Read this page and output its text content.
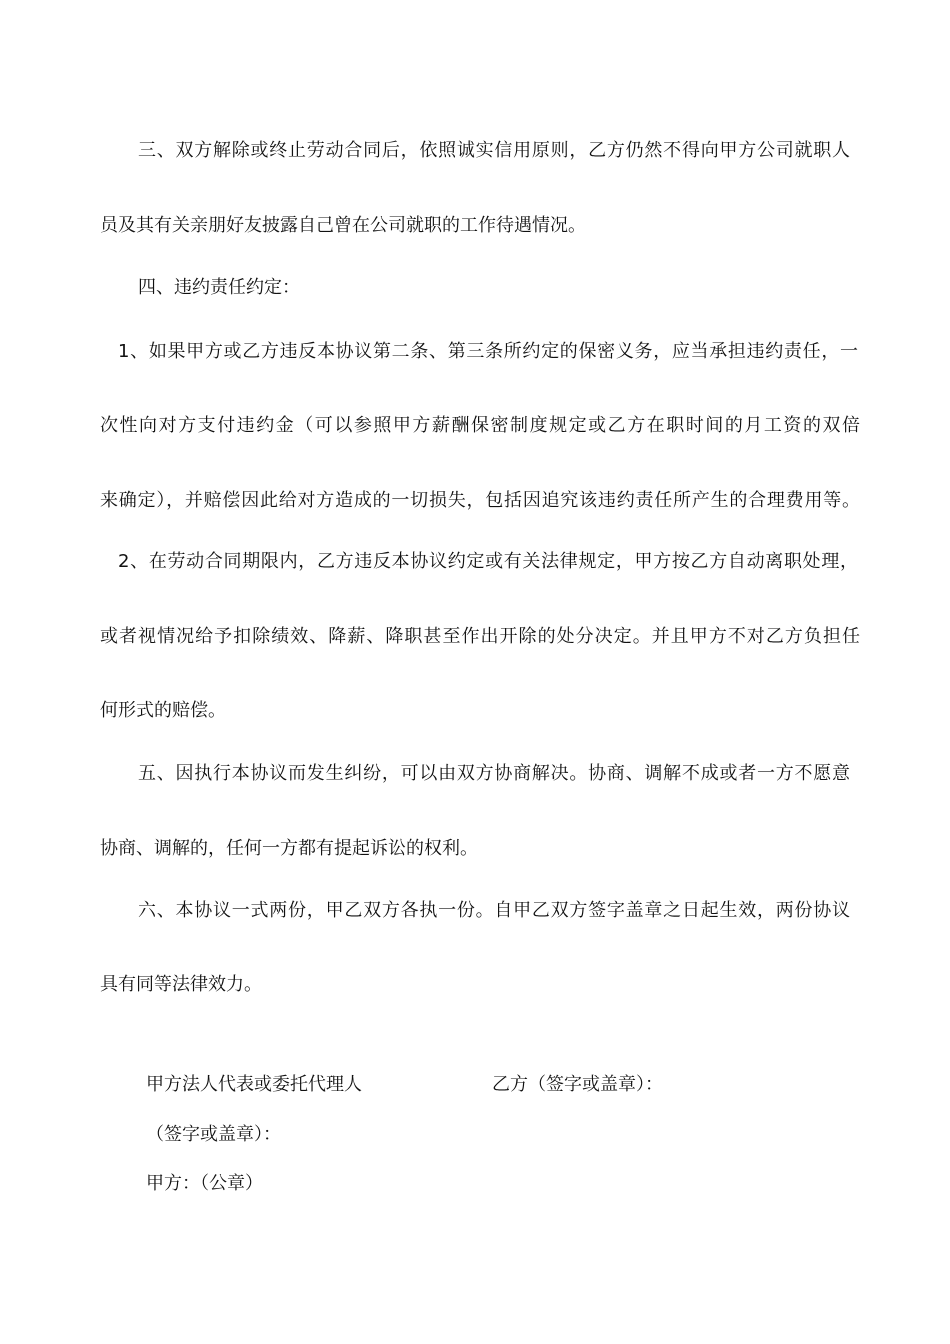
三、双方解除或终止劳动合同后，依照诚实信用原则，乙方仍然不得向甲方公司就职人
员及其有关亲朋好友披露自己曾在公司就职的工作待遇情况。
四、违约责任约定：
1、如果甲方或乙方违反本协议第二条、第三条所约定的保密义务，应当承担违约责任，一
次性向对方支付违约金（可以参照甲方薪酬保密制度规定或乙方在职时间的月工资的双倍
来确定），并赔偿因此给对方造成的一切损失，包括因追究该违约责任所产生的合理费用等。
2、在劳动合同期限内，乙方违反本协议约定或有关法律规定，甲方按乙方自动离职处理，
或者视情况给予扣除绩效、降薪、降职甚至作出开除的处分决定。并且甲方不对乙方负担任
何形式的赔偿。
五、因执行本协议而发生纠纷，可以由双方协商解决。协商、调解不成或者一方不愿意
协商、调解的，任何一方都有提起诉讼的权利。
六、本协议一式两份，甲乙双方各执一份。自甲乙双方签字盖章之日起生效，两份协议
具有同等法律效力。
甲方法人代表或委托代理人	乙方（签字或盖章）：
（签字或盖章）：
甲方：（公章）
